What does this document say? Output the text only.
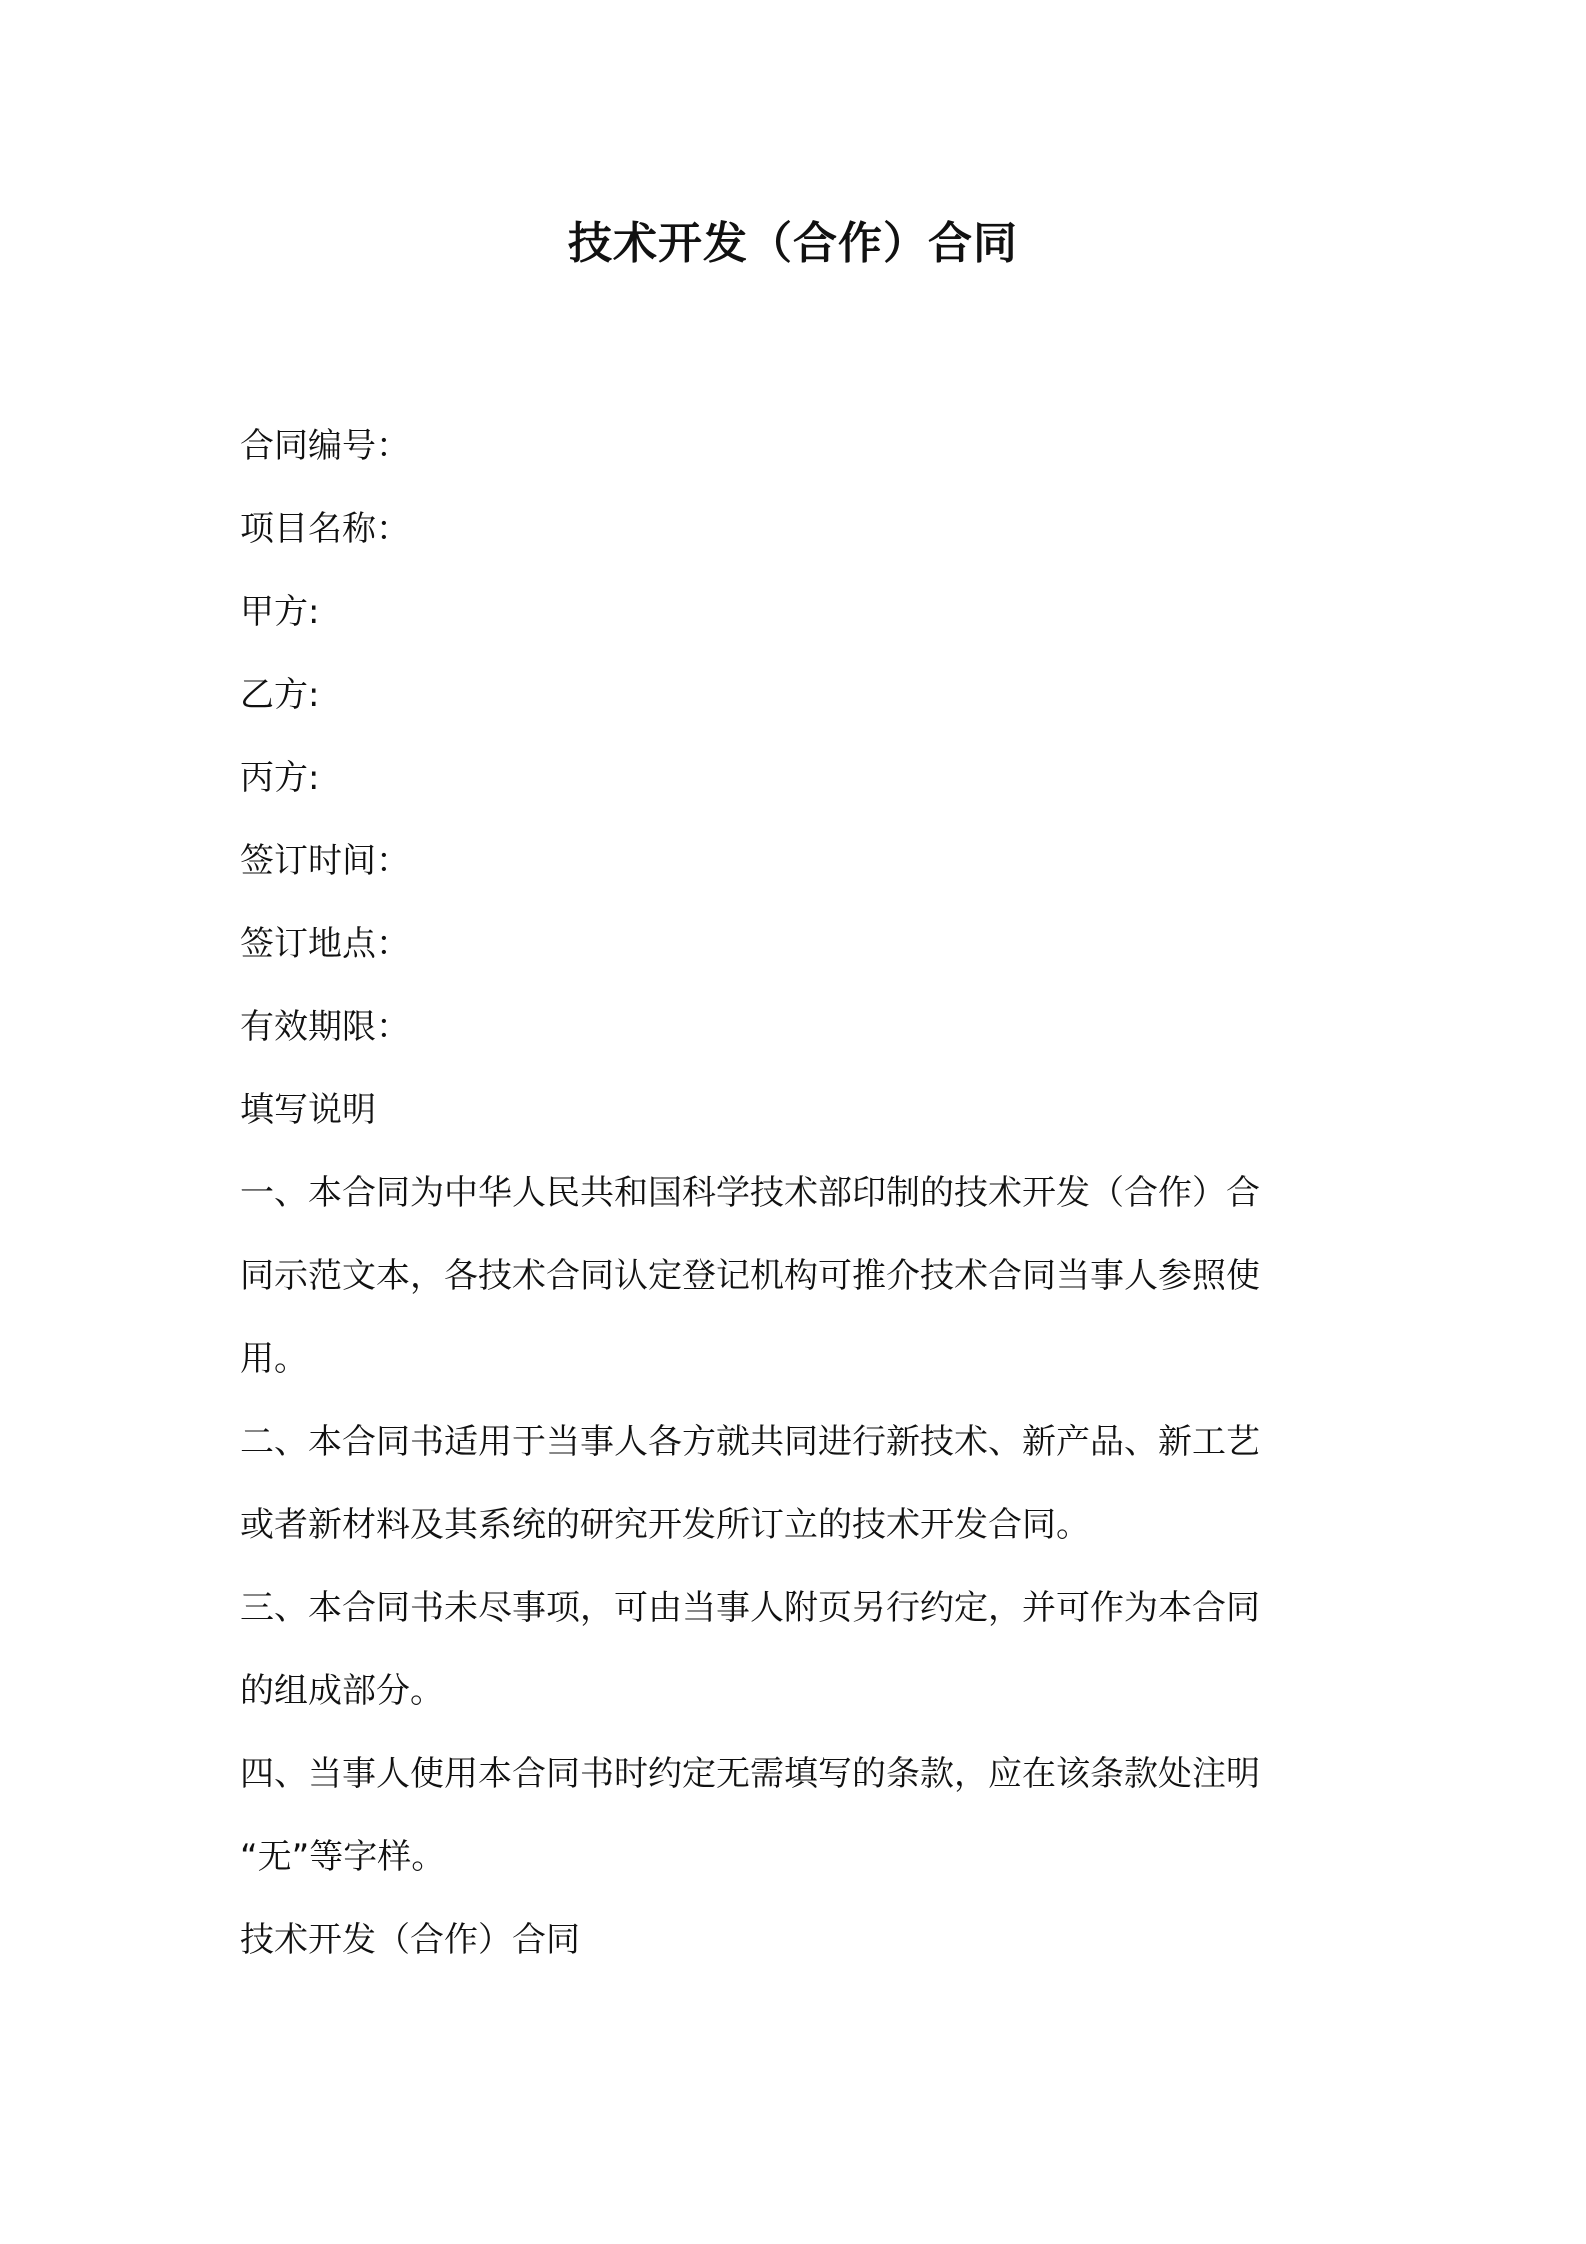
技术开发（合作）合同
合同编号：
项目名称：
甲方:
乙方:
丙方:
签订时间：
签订地点：
有效期限：
填写说明
一、本合同为中华人民共和国科学技术部印制的技术开发（合作）合
同示范文本，各技术合同认定登记机构可推介技术合同当事人参照使
用。
二、本合同书适用于当事人各方就共同进行新技术、新产品、新工艺
或者新材料及其系统的研究开发所订立的技术开发合同。
三、本合同书未尽事项，可由当事人附页另行约定，并可作为本合同
的组成部分。
四、当事人使用本合同书时约定无需填写的条款，应在该条款处注明
“无”等字样。
技术开发（合作）合同
